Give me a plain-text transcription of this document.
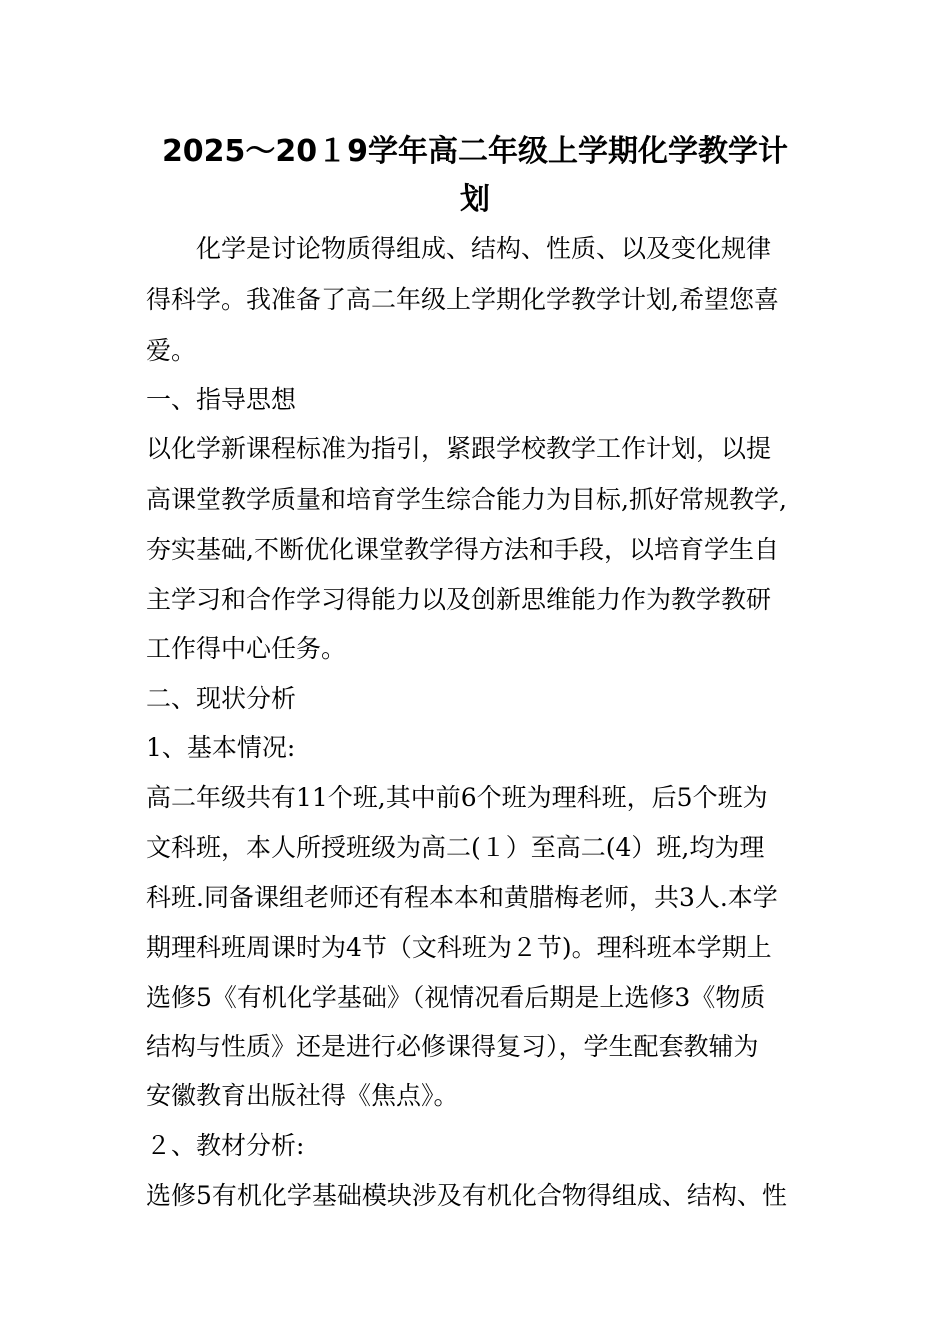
2025～20１9学年高二年级上学期化学教学计
划
化学是讨论物质得组成、结构、性质、以及变化规律
得科学。我准备了高二年级上学期化学教学计划,希望您喜
爱。
一、指导思想
以化学新课程标准为指引，紧跟学校教学工作计划，以提
高课堂教学质量和培育学生综合能力为目标,抓好常规教学,
夯实基础,不断优化课堂教学得方法和手段，以培育学生自
主学习和合作学习得能力以及创新思维能力作为教学教研
工作得中心任务。
二、现状分析
1、基本情况:
高二年级共有11个班,其中前6个班为理科班，后5个班为
文科班，本人所授班级为高二(１）至高二(4）班,均为理
科班.同备课组老师还有程本本和黄腊梅老师，共3人.本学
期理科班周课时为4节（文科班为２节)。理科班本学期上
选修5《有机化学基础》（视情况看后期是上选修3《物质
结构与性质》还是进行必修课得复习），学生配套教辅为
安徽教育出版社得《焦点》。
２、教材分析:
选修5有机化学基础模块涉及有机化合物得组成、结构、性
